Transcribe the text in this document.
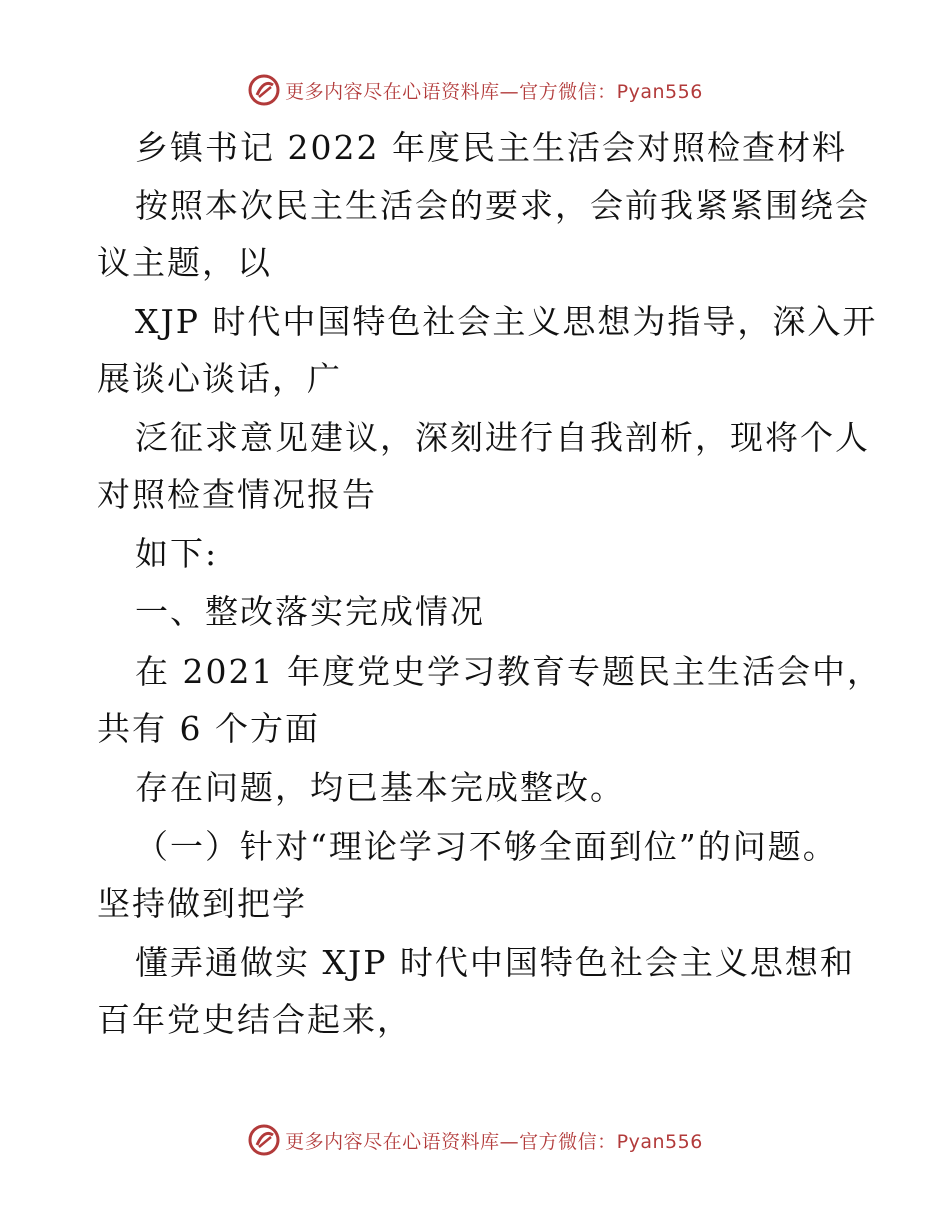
更多内容尽在心语资料库—官方微信：Pyan556
乡镇书记 2022 年度民主生活会对照检查材料
按照本次民主生活会的要求，会前我紧紧围绕会
议主题，以
XJP 时代中国特色社会主义思想为指导，深入开
展谈心谈话，广
泛征求意见建议，深刻进行自我剖析，现将个人
对照检查情况报告
如下:
一、整改落实完成情况
在 2021 年度党史学习教育专题民主生活会中，
共有 6 个方面
存在问题，均已基本完成整改。
（一）针对“理论学习不够全面到位”的问题。
坚持做到把学
懂弄通做实 XJP 时代中国特色社会主义思想和
百年党史结合起来，
更多内容尽在心语资料库—官方微信：Pyan556
